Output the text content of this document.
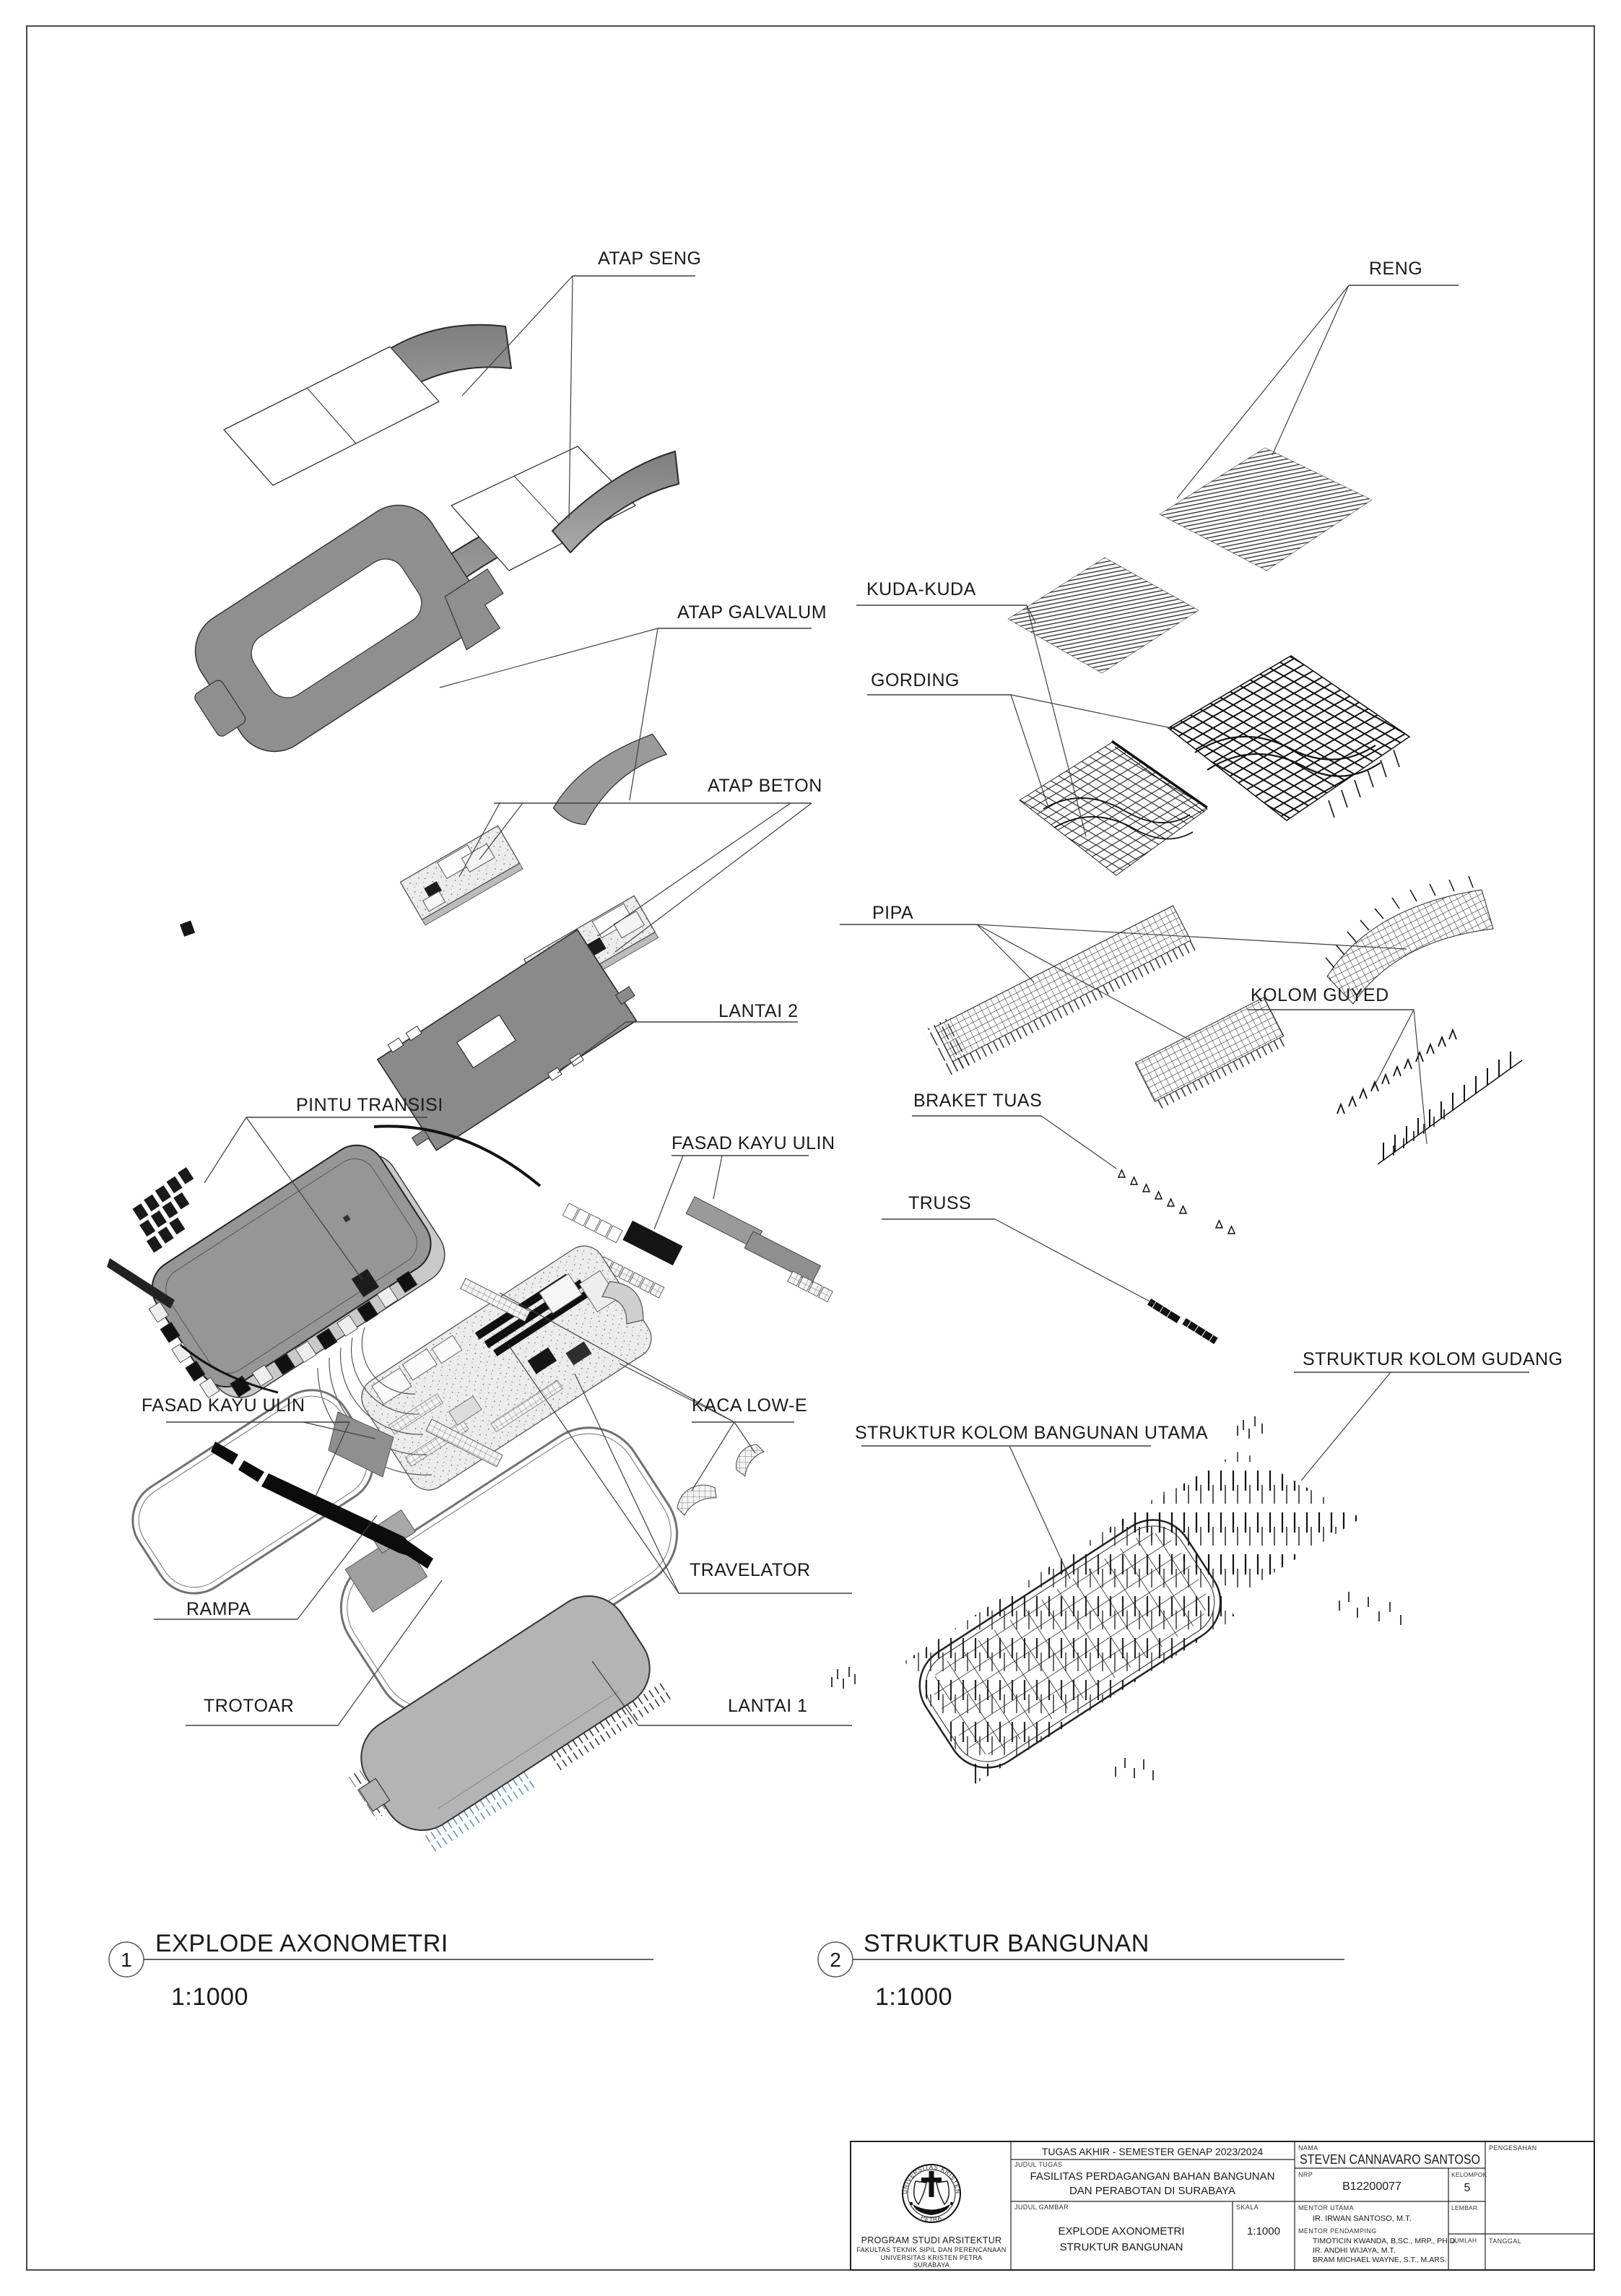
ATAP SENG
ATAP GALVALUM
ATAP BETON
LANTAI 2
PINTU TRANSISI
FASAD KAYU ULIN
FASAD KAYU ULIN	KACA LOW-E
TRAVELATOR
RAMPA
TROTOAR	LANTAI 1
RENG
KUDA-KUDA
GORDING
PIPA
KOLOM GUYED
BRAKET TUAS
TRUSS
STRUKTUR KOLOM BANGUNAN UTAMA
STRUKTUR KOLOM GUDANG
1
EXPLODE AXONOMETRI
1:1000
2
STRUKTUR BANGUNAN
1:1000
UNIVERSITAS KRISTEN
PETRA
PROGRAM STUDI ARSITEKTUR
FAKULTAS TEKNIK SIPIL DAN PERENCANAAN
UNIVERSITAS KRISTEN PETRA
SURABAYA
TUGAS AKHIR - SEMESTER GENAP 2023/2024
JUDUL TUGAS
FASILITAS PERDAGANGAN BAHAN BANGUNAN
DAN PERABOTAN DI SURABAYA
JUDUL GAMBAR
EXPLODE AXONOMETRI
STRUKTUR BANGUNAN
SKALA
1:1000
NAMA
STEVEN CANNAVARO SANTOSO
NRP
B12200077
KELOMPOK
5
MENTOR UTAMA
IR. IRWAN SANTOSO, M.T.
MENTOR PENDAMPING
TIMOTICIN KWANDA, B.SC., MRP., PH.D.
IR. ANDHI WIJAYA, M.T.
BRAM MICHAEL WAYNE, S.T., M.ARS.
LEMBAR
JUMLAH
PENGESAHAN
TANGGAL
